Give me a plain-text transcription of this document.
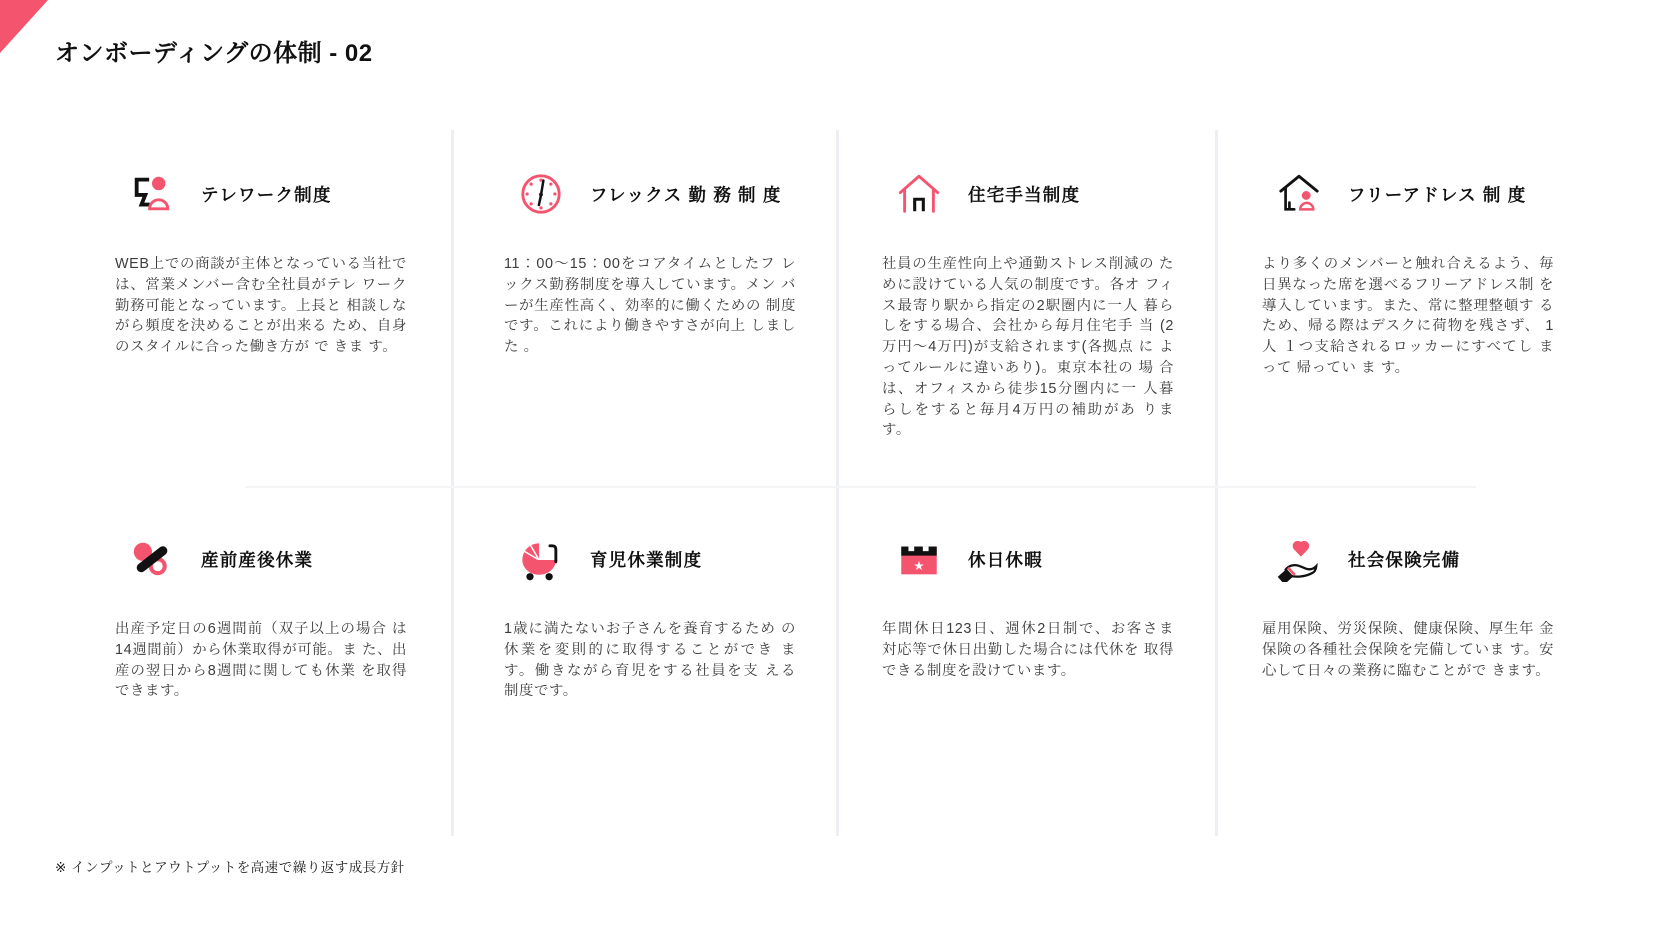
オンボーディングの体制 - 02
テレワーク制度

WEB上での商談が主体となっている当社では、営業メンバー含む全社員がテレ ワーク勤務可能となっています。上長と 相談しながら頻度を決めることが出来る ため、自身のスタイルに合った働き方が で きま す。

フレックス 勤 務 制 度

11：00〜15：00をコアタイムとしたフ レックス勤務制度を導入しています。メン バーが生産性高く、効率的に働くための 制度です。これにより働きやすさが向上 しました 。

住宅手当制度

社員の生産性向上や通勤ストレス削減の ために設けている人気の制度です。各オ フィス最寄り駅から指定の2駅圏内に一人 暮らしをする場合、会社から毎月住宅手 当 (2万円〜4万円)が支給されます(各拠点 に よってルールに違いあり)。東京本社の 場 合は、オフィスから徒歩15分圏内に一 人暮 らしをすると毎月4万円の補助があ ります。

フリーアドレス 制 度

より多くのメンバーと触れ合えるよう、毎 日異なった席を選べるフリーアドレス制 を 導入しています。また、常に整理整頓す る ため、帰る際はデスクに荷物を残さず、 1人 １つ支給されるロッカーにすべてし まって 帰ってい ま す。

産前産後休業

出産予定日の6週間前（双子以上の場合 は 14週間前）から休業取得が可能。ま た、出 産の翌日から8週間に関しても休業 を取得 できます。

育児休業制度

1歳に満たないお子さんを養育するため の休業を変則的に取得することができ ま す。働きながら育児をする社員を支 える 制度です。

★ 休日休暇

年間休日123日、週休2日制で、お客さま 対応等で休日出勤した場合には代休を 取得 できる制度を設けています。

社会保険完備

雇用保険、労災保険、健康保険、厚生年 金保険の各種社会保険を完備していま す。安心して日々の業務に臨むことがで きます。

※ インプットとアウトプットを高速で繰り返す成長方針
